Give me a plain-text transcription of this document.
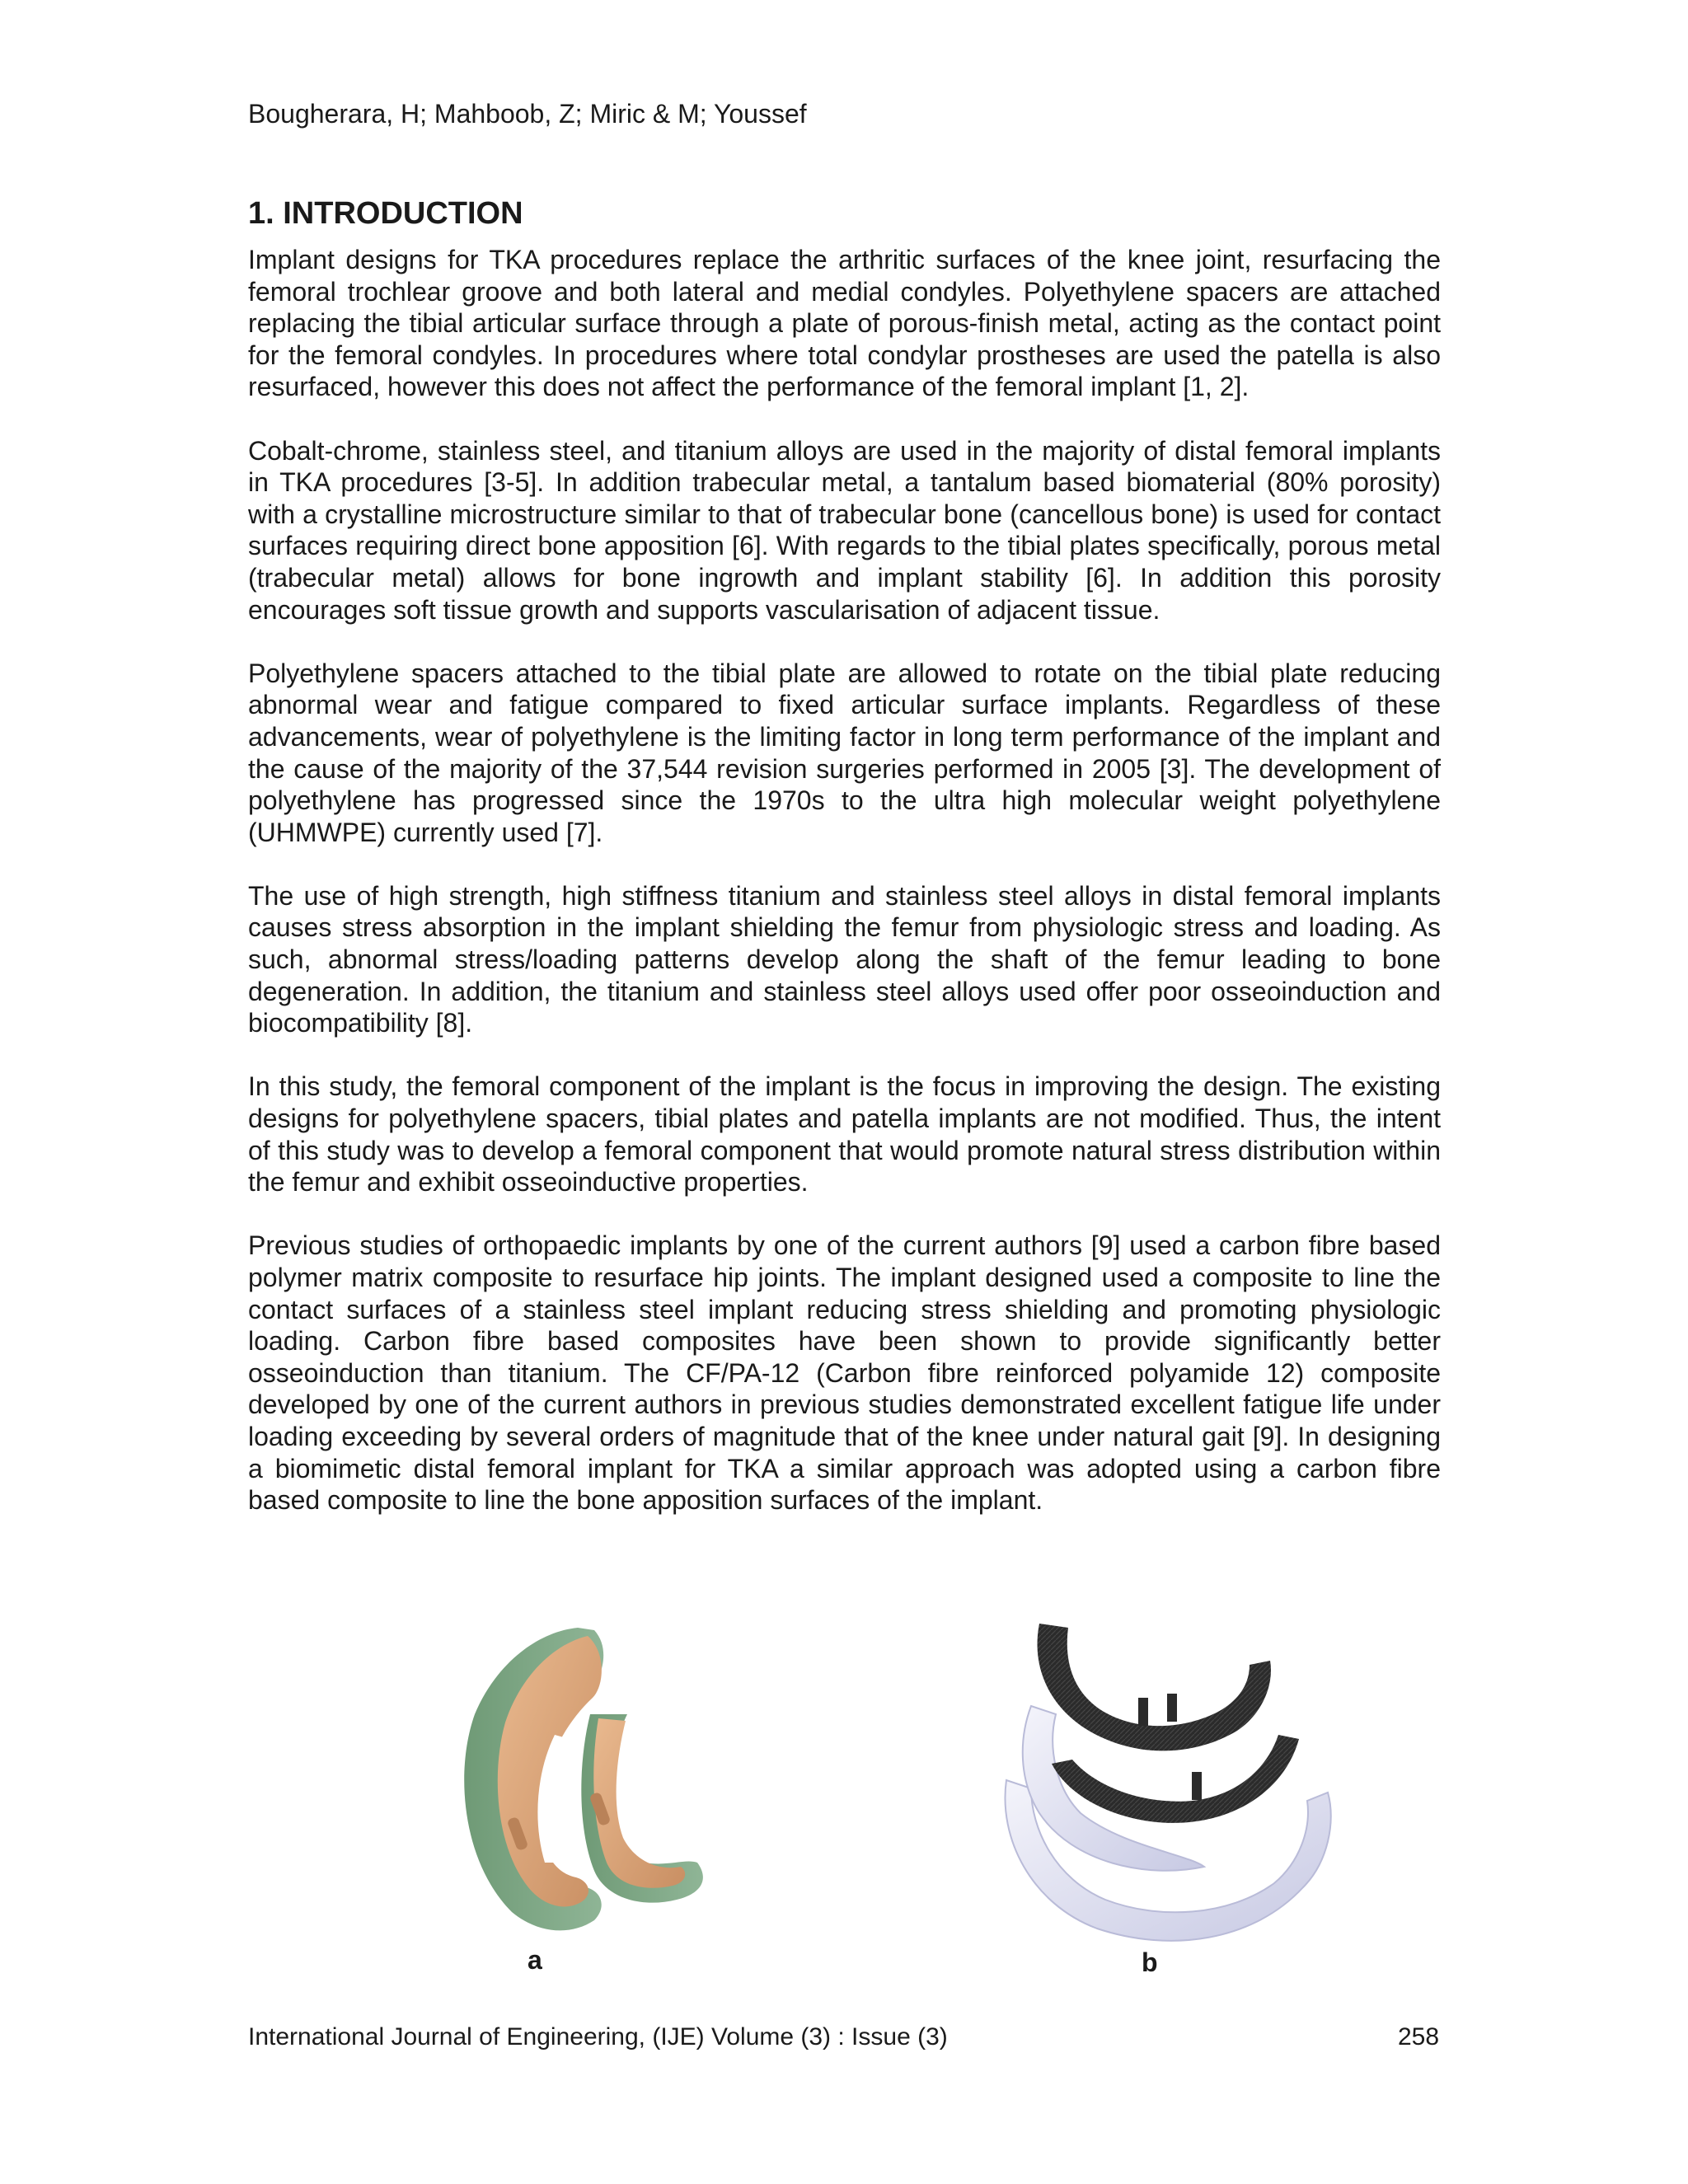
Bougherara, H; Mahboob, Z; Miric & M; Youssef
1. INTRODUCTION

Implant designs for TKA procedures replace the arthritic surfaces of the knee joint, resurfacing the femoral trochlear groove and both lateral and medial condyles. Polyethylene spacers are attached replacing the tibial articular surface through a plate of porous-finish metal, acting as the contact point for the femoral condyles. In procedures where total condylar prostheses are used the patella is also resurfaced, however this does not affect the performance of the femoral implant [1, 2].

Cobalt-chrome, stainless steel, and titanium alloys are used in the majority of distal femoral implants in TKA procedures [3-5]. In addition trabecular metal, a tantalum based biomaterial (80% porosity) with a crystalline microstructure similar to that of trabecular bone (cancellous bone) is used for contact surfaces requiring direct bone apposition [6]. With regards to the tibial plates specifically, porous metal (trabecular metal) allows for bone ingrowth and implant stability [6]. In addition this porosity encourages soft tissue growth and supports vascularisation of adjacent tissue.

Polyethylene spacers attached to the tibial plate are allowed to rotate on the tibial plate reducing abnormal wear and fatigue compared to fixed articular surface implants. Regardless of these advancements, wear of polyethylene is the limiting factor in long term performance of the implant and the cause of the majority of the 37,544 revision surgeries performed in 2005 [3]. The development of polyethylene has progressed since the 1970s to the ultra high molecular weight polyethylene (UHMWPE) currently used [7].

The use of high strength, high stiffness titanium and stainless steel alloys in distal femoral implants causes stress absorption in the implant shielding the femur from physiologic stress and loading. As such, abnormal stress/loading patterns develop along the shaft of the femur leading to bone degeneration. In addition, the titanium and stainless steel alloys used offer poor osseoinduction and biocompatibility [8].

In this study, the femoral component of the implant is the focus in improving the design. The existing designs for polyethylene spacers, tibial plates and patella implants are not modified. Thus, the intent of this study was to develop a femoral component that would promote natural stress distribution within the femur and exhibit osseoinductive properties.

Previous studies of orthopaedic implants by one of the current authors [9] used a carbon fibre based polymer matrix composite to resurface hip joints. The implant designed used a composite to line the contact surfaces of a stainless steel implant reducing stress shielding and promoting physiologic loading. Carbon fibre based composites have been shown to provide significantly better osseoinduction than titanium. The CF/PA-12 (Carbon fibre reinforced polyamide 12) composite developed by one of the current authors in previous studies demonstrated excellent fatigue life under loading exceeding by several orders of magnitude that of the knee under natural gait [9]. In designing a biomimetic distal femoral implant for TKA a similar approach was adopted using a carbon fibre based composite to line the bone apposition surfaces of the implant.

a	b
International Journal of Engineering, (IJE) Volume (3) : Issue (3)	258
